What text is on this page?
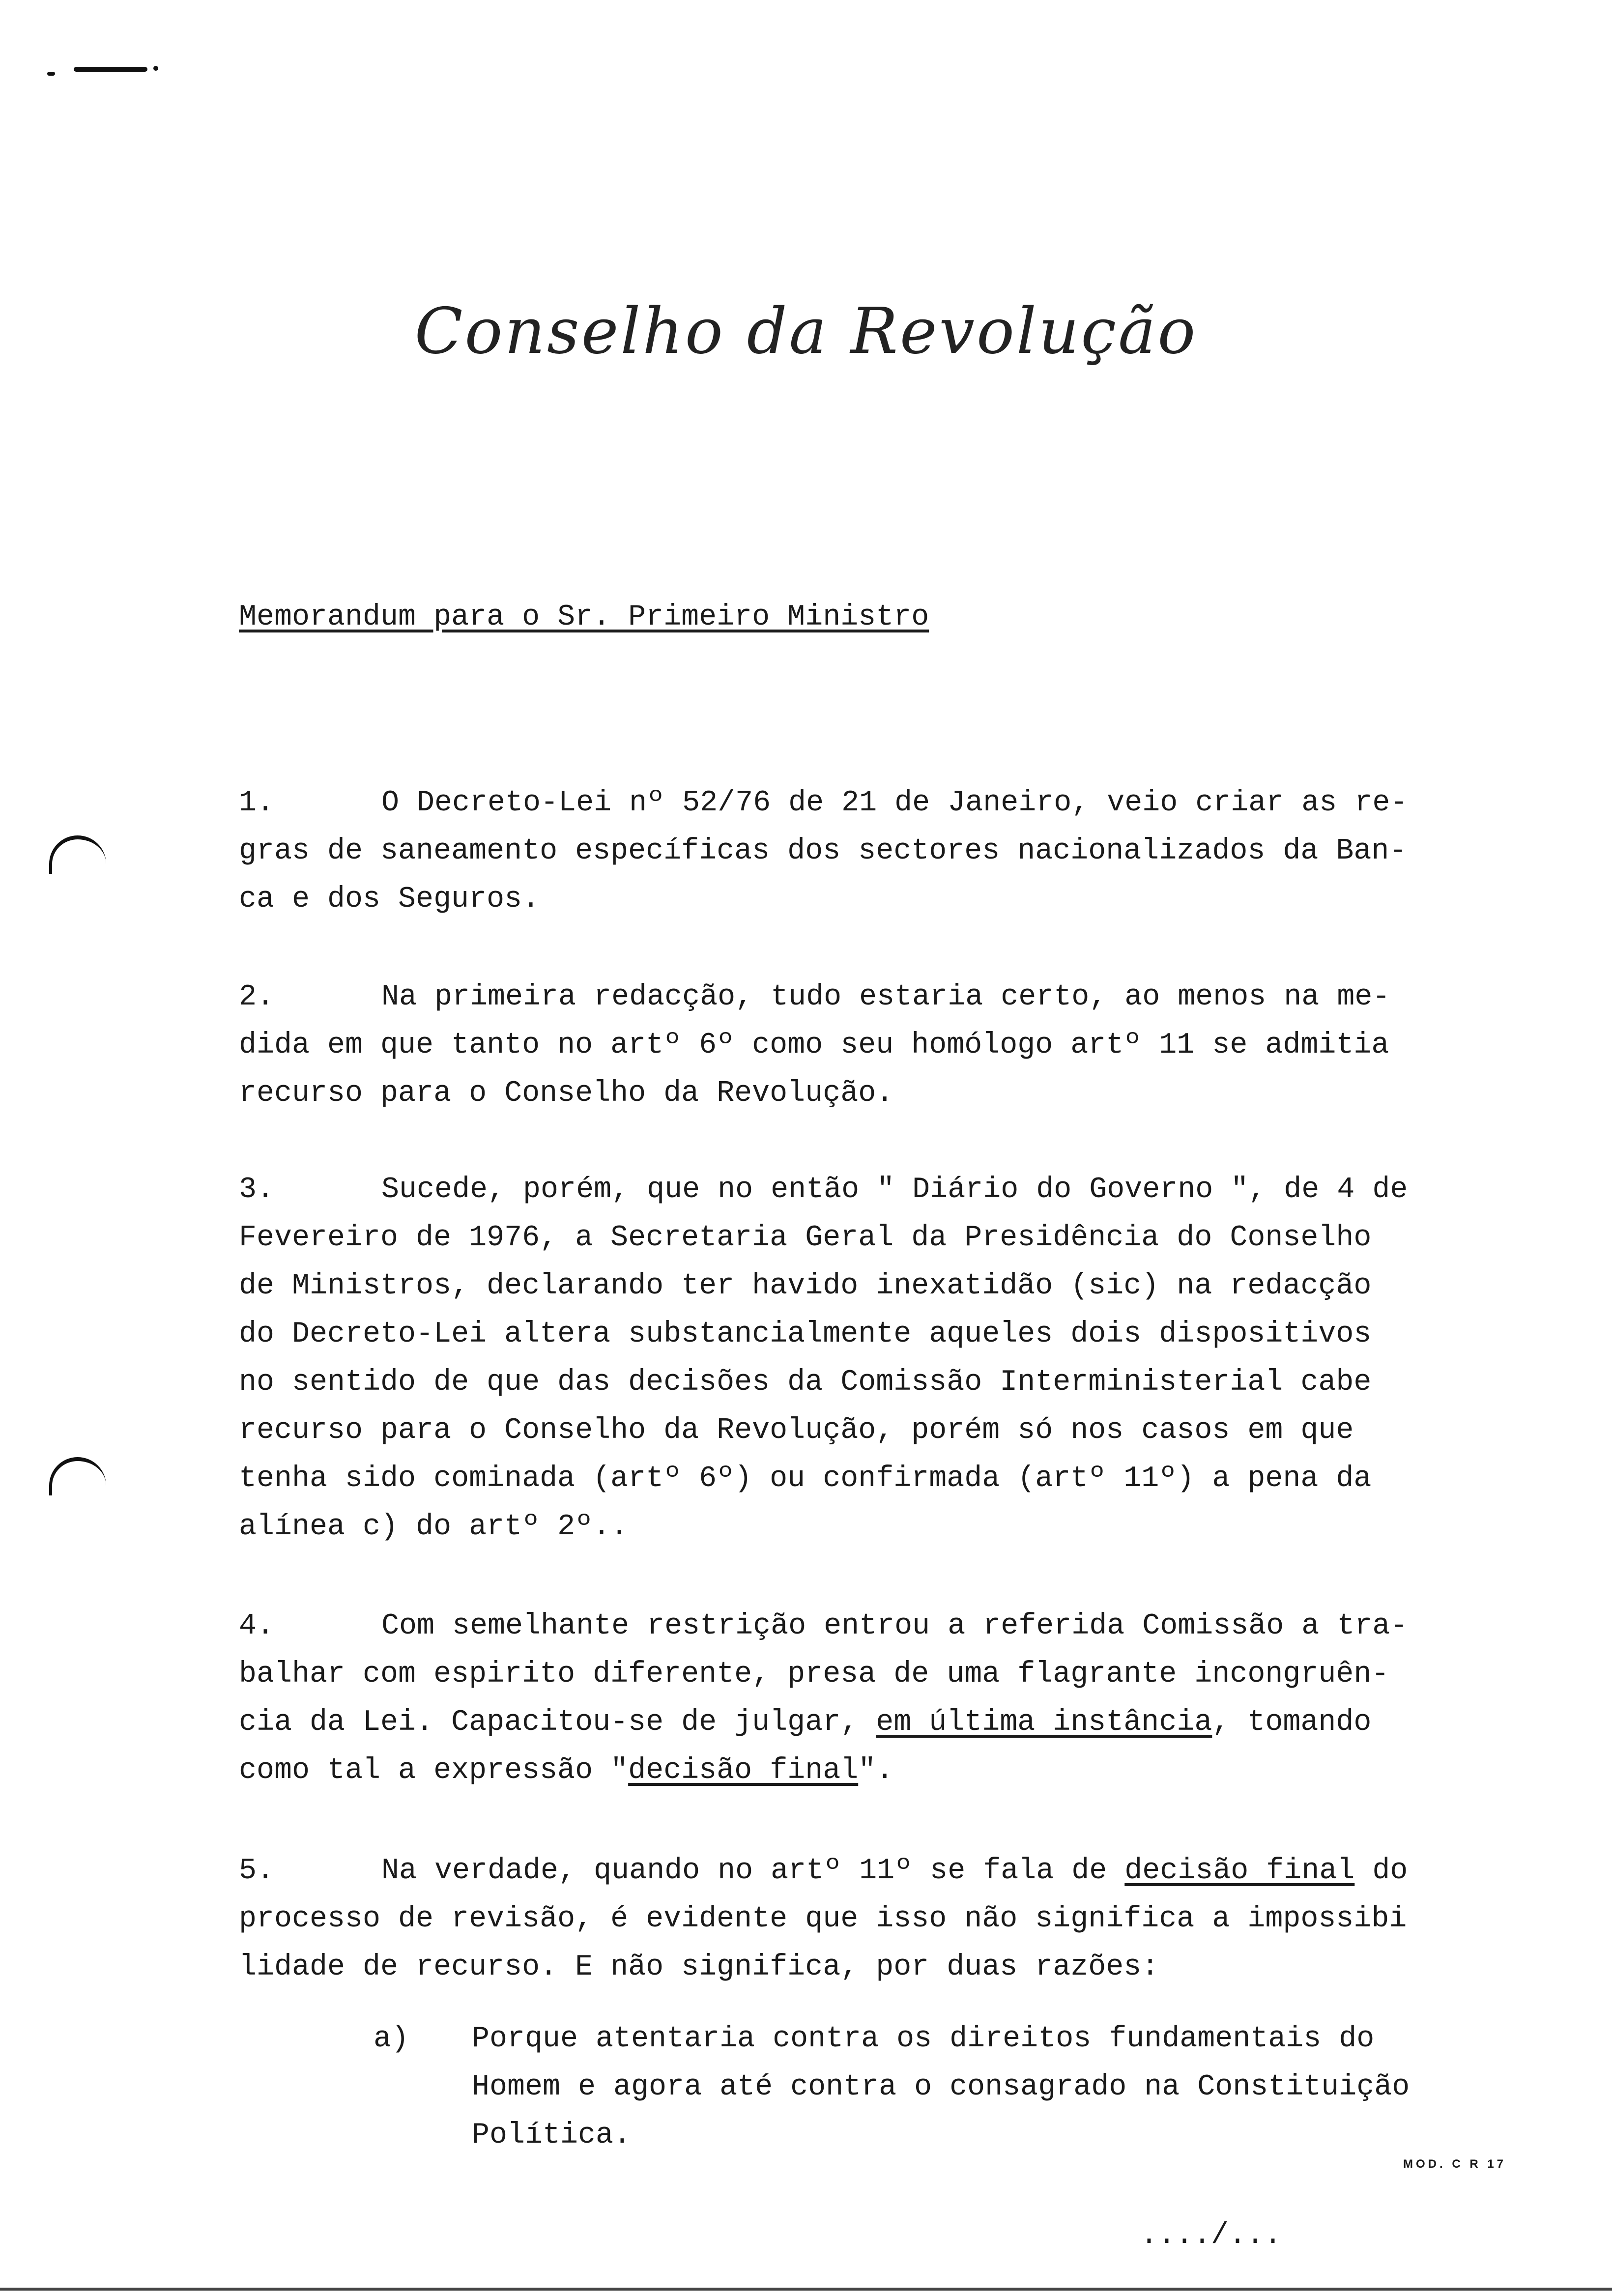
Conselho da Revolução
Memorandum para o Sr. Primeiro Ministro
1.	O Decreto-Lei nº 52/76 de 21 de Janeiro, veio criar as re-
gras de saneamento específicas dos sectores nacionalizados da Ban-
ca e dos Seguros.
2.	Na primeira redacção, tudo estaria certo, ao menos na me-
dida em que tanto no artº 6º como seu homólogo artº 11 se admitia
recurso para o Conselho da Revolução.
3.	Sucede, porém, que no então " Diário do Governo ", de 4 de
Fevereiro de 1976, a Secretaria Geral da Presidência do Conselho
de Ministros, declarando ter havido inexatidão (sic) na redacção
do Decreto-Lei altera substancialmente aqueles dois dispositivos
no sentido de que das decisões da Comissão Interministerial cabe
recurso para o Conselho da Revolução, porém só nos casos em que
tenha sido cominada (artº 6º) ou confirmada (artº 11º) a pena da
alínea c) do artº 2º..
4.	Com semelhante restrição entrou a referida Comissão a tra-
balhar com espirito diferente, presa de uma flagrante incongruên-
cia da Lei. Capacitou-se de julgar, em última instância, tomando
como tal a expressão "decisão final".
5.	Na verdade, quando no artº 11º se fala de decisão final do
processo de revisão, é evidente que isso não significa a impossibi
lidade de recurso. E não significa, por duas razões:
a) Porque atentaria contra os direitos fundamentais do
Homem e agora até contra o consagrado na Constituição
Política.
MOD. C R 17
..../...
